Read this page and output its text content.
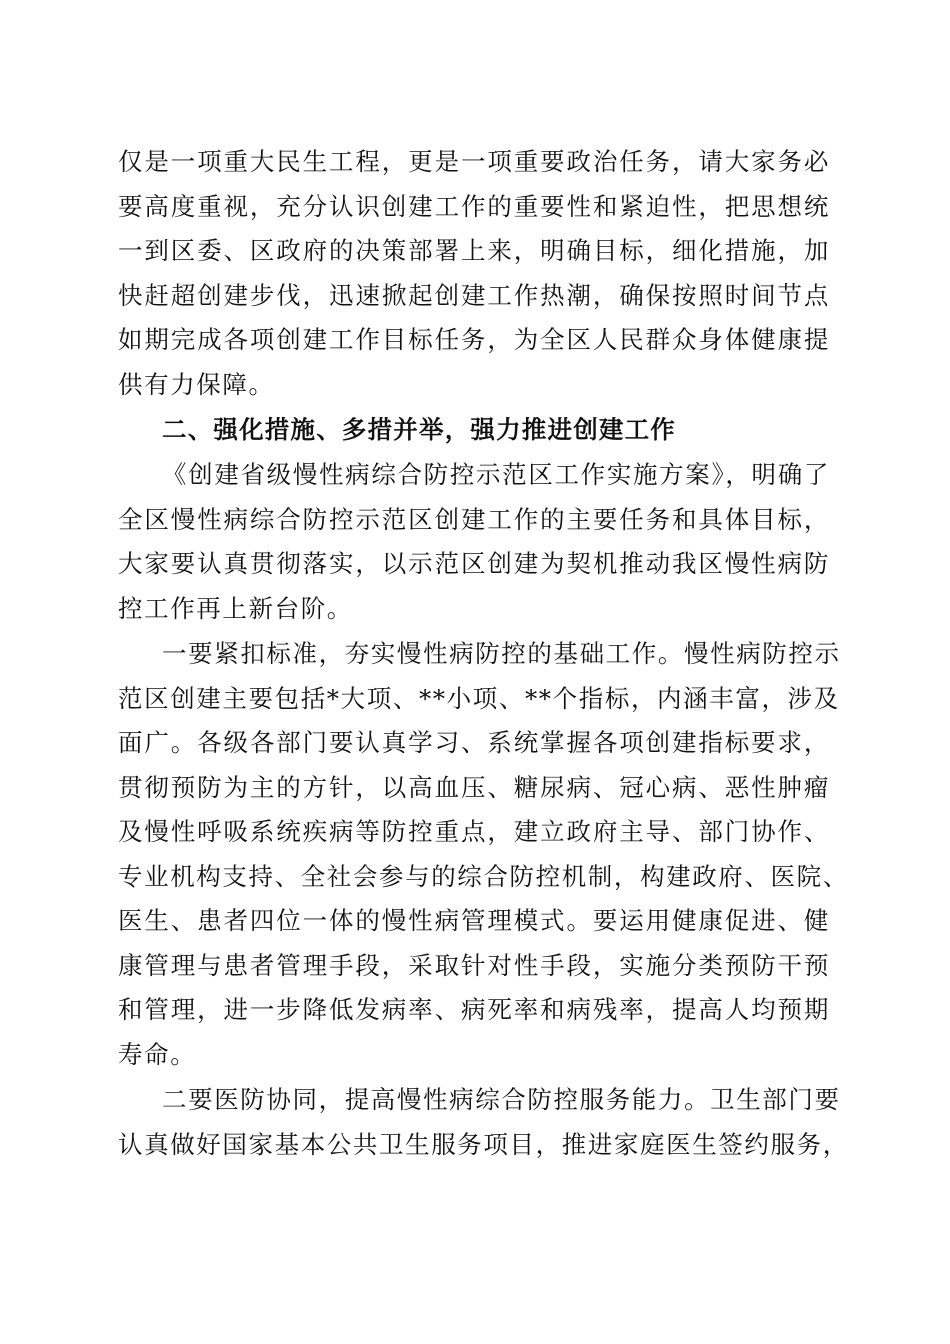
仅是一项重大民生工程，更是一项重要政治任务，请大家务必
要高度重视，充分认识创建工作的重要性和紧迫性，把思想统
一到区委、区政府的决策部署上来，明确目标，细化措施，加
快赶超创建步伐，迅速掀起创建工作热潮，确保按照时间节点
如期完成各项创建工作目标任务，为全区人民群众身体健康提
供有力保障。
二、强化措施、多措并举，强力推进创建工作
《创建省级慢性病综合防控示范区工作实施方案》，明确了
全区慢性病综合防控示范区创建工作的主要任务和具体目标，
大家要认真贯彻落实，以示范区创建为契机推动我区慢性病防
控工作再上新台阶。
一要紧扣标准，夯实慢性病防控的基础工作。慢性病防控示
范区创建主要包括*大项、**小项、**个指标，内涵丰富，涉及
面广。各级各部门要认真学习、系统掌握各项创建指标要求，
贯彻预防为主的方针，以高血压、糖尿病、冠心病、恶性肿瘤
及慢性呼吸系统疾病等防控重点，建立政府主导、部门协作、
专业机构支持、全社会参与的综合防控机制，构建政府、医院、
医生、患者四位一体的慢性病管理模式。要运用健康促进、健
康管理与患者管理手段，采取针对性手段，实施分类预防干预
和管理，进一步降低发病率、病死率和病残率，提高人均预期
寿命。
二要医防协同，提高慢性病综合防控服务能力。卫生部门要
认真做好国家基本公共卫生服务项目，推进家庭医生签约服务，
